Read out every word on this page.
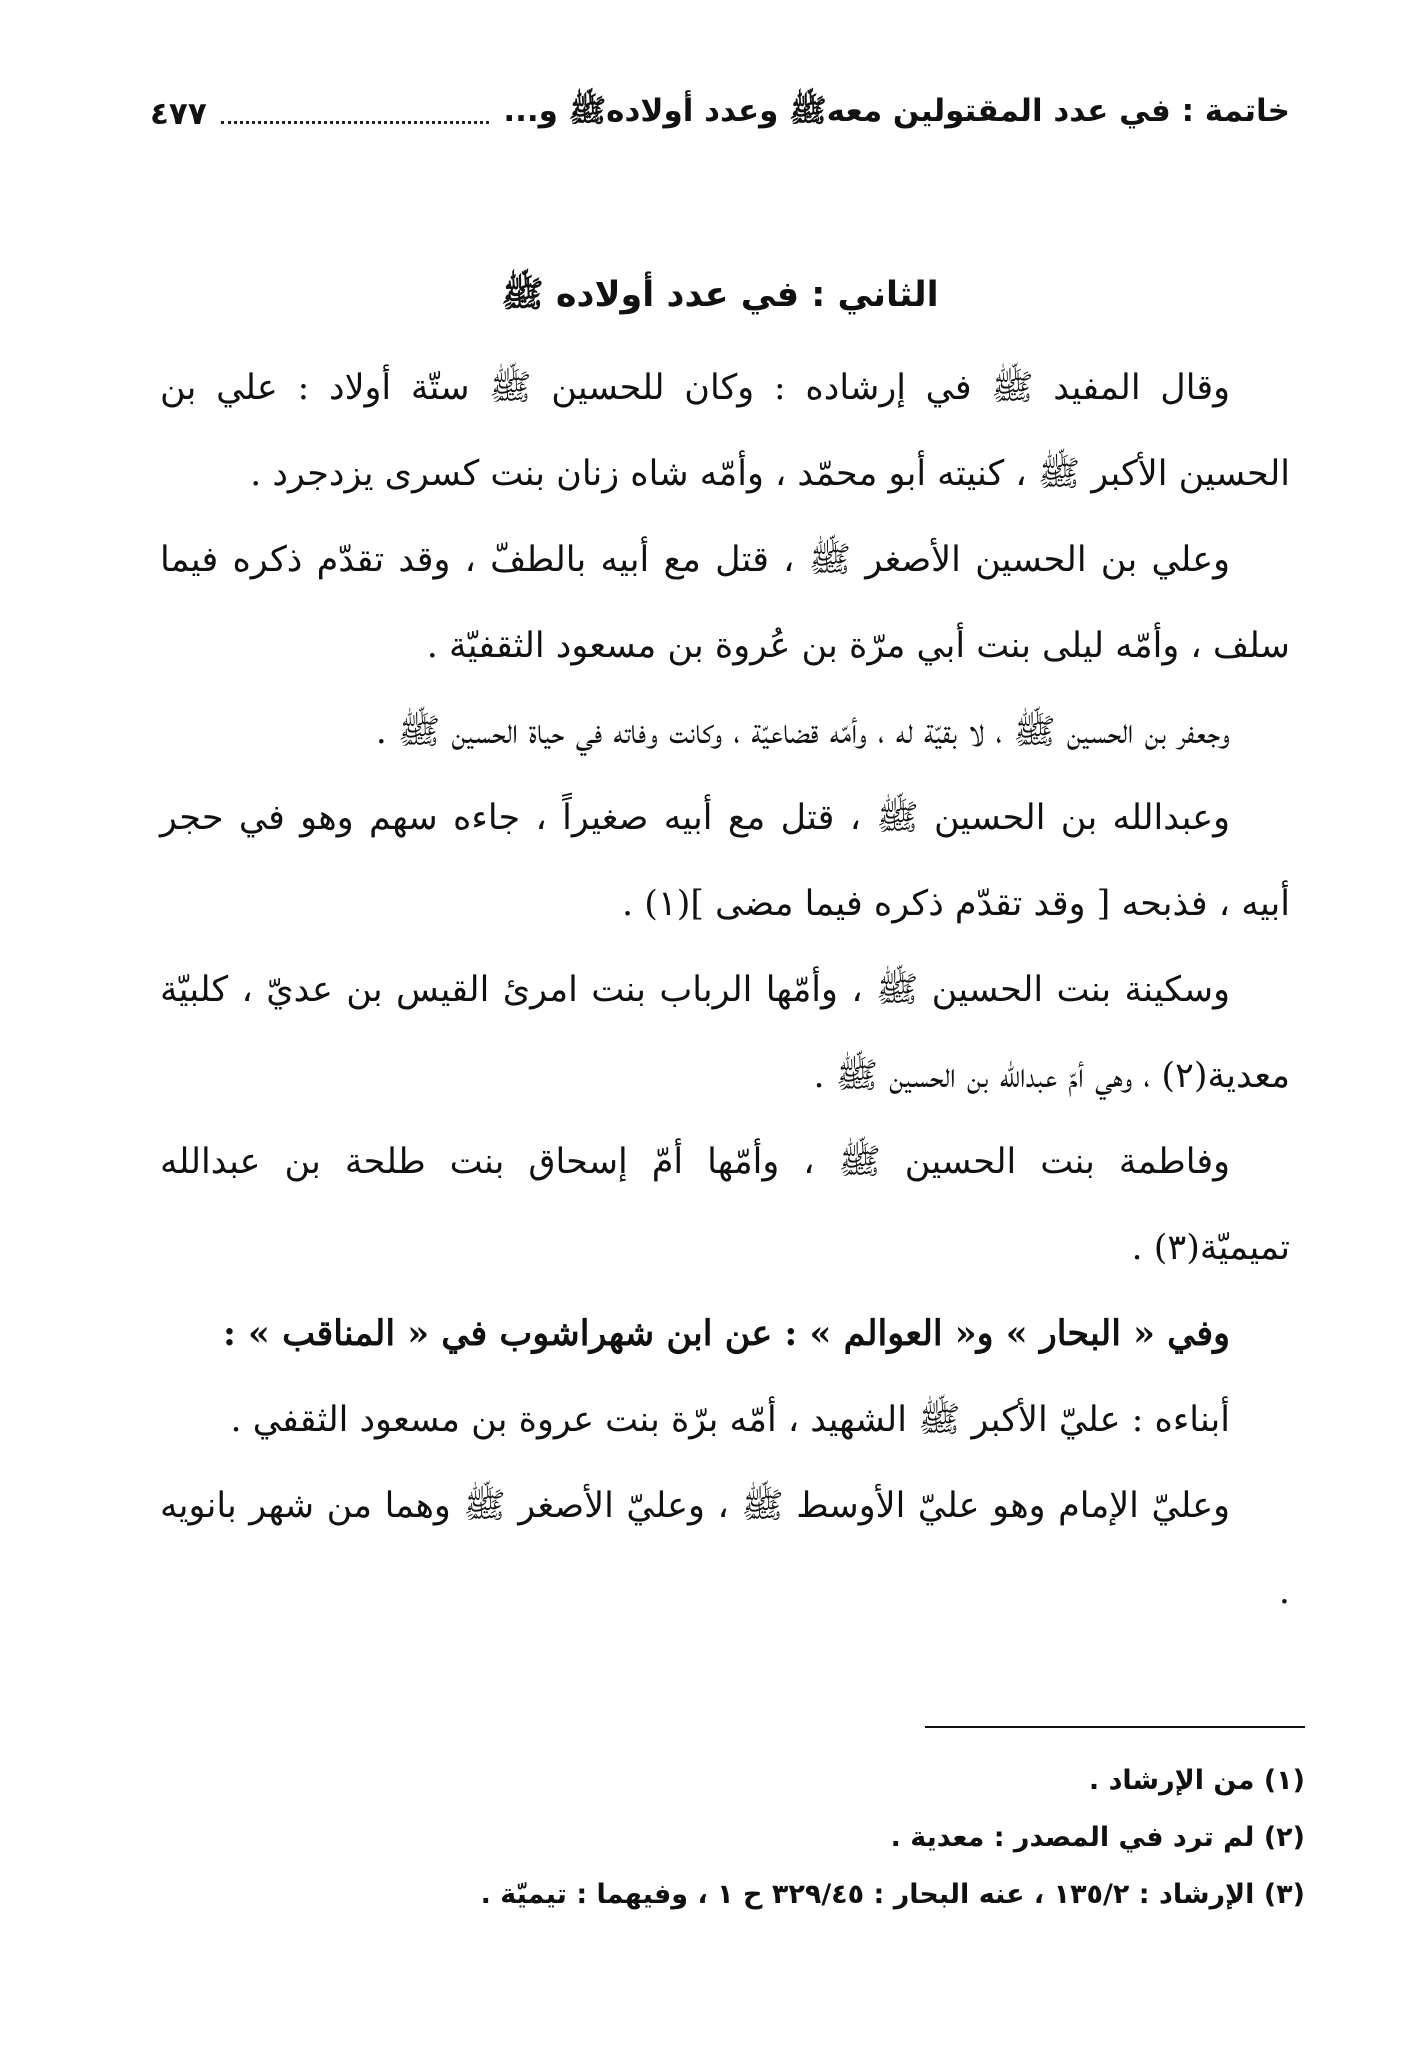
خاتمة : في عدد المقتولين معهﷺ وعدد أولادهﷺ و...
٤٧٧
الثاني : في عدد أولاده ﷺ

وقال المفيد ﷺ في إرشاده : وكان للحسين ﷺ ستّة أولاد : علي بن الحسين الأكبر ﷺ ، كنيته أبو محمّد ، وأمّه شاه زنان بنت كسرى يزدجرد .

وعلي بن الحسين الأصغر ﷺ ، قتل مع أبيه بالطفّ ، وقد تقدّم ذكره فيما سلف ، وأمّه ليلى بنت أبي مرّة بن عُروة بن مسعود الثقفيّة .

وجعفر بن الحسين ﷺ ، لا بقيّة له ، وأمّه قضاعيّة ، وكانت وفاته في حياة الحسين ﷺ .

وعبدالله بن الحسين ﷺ ، قتل مع أبيه صغيراً ، جاءه سهم وهو في حجر أبيه ، فذبحه [ وقد تقدّم ذكره فيما مضى ](١) .

وسكينة بنت الحسين ﷺ ، وأمّها الرباب بنت امرئ القيس بن عديّ ، كلبيّة معدية(٢) ، وهي أمّ عبدالله بن الحسين ﷺ .

وفاطمة بنت الحسين ﷺ ، وأمّها أمّ إسحاق بنت طلحة بن عبدالله تميميّة(٣) .

وفي « البحار » و« العوالم » : عن ابن شهراشوب في « المناقب » :

أبناءه : عليّ الأكبر ﷺ الشهيد ، أمّه برّة بنت عروة بن مسعود الثقفي .

وعليّ الإمام وهو عليّ الأوسط ﷺ ، وعليّ الأصغر ﷺ وهما من شهر بانويه .

(١) من الإرشاد .

(٢) لم ترد في المصدر : معدية .

(٣) الإرشاد : ١٣٥/٢ ، عنه البحار : ٣٢٩/٤٥ ح ١ ، وفيهما : تيميّة .
